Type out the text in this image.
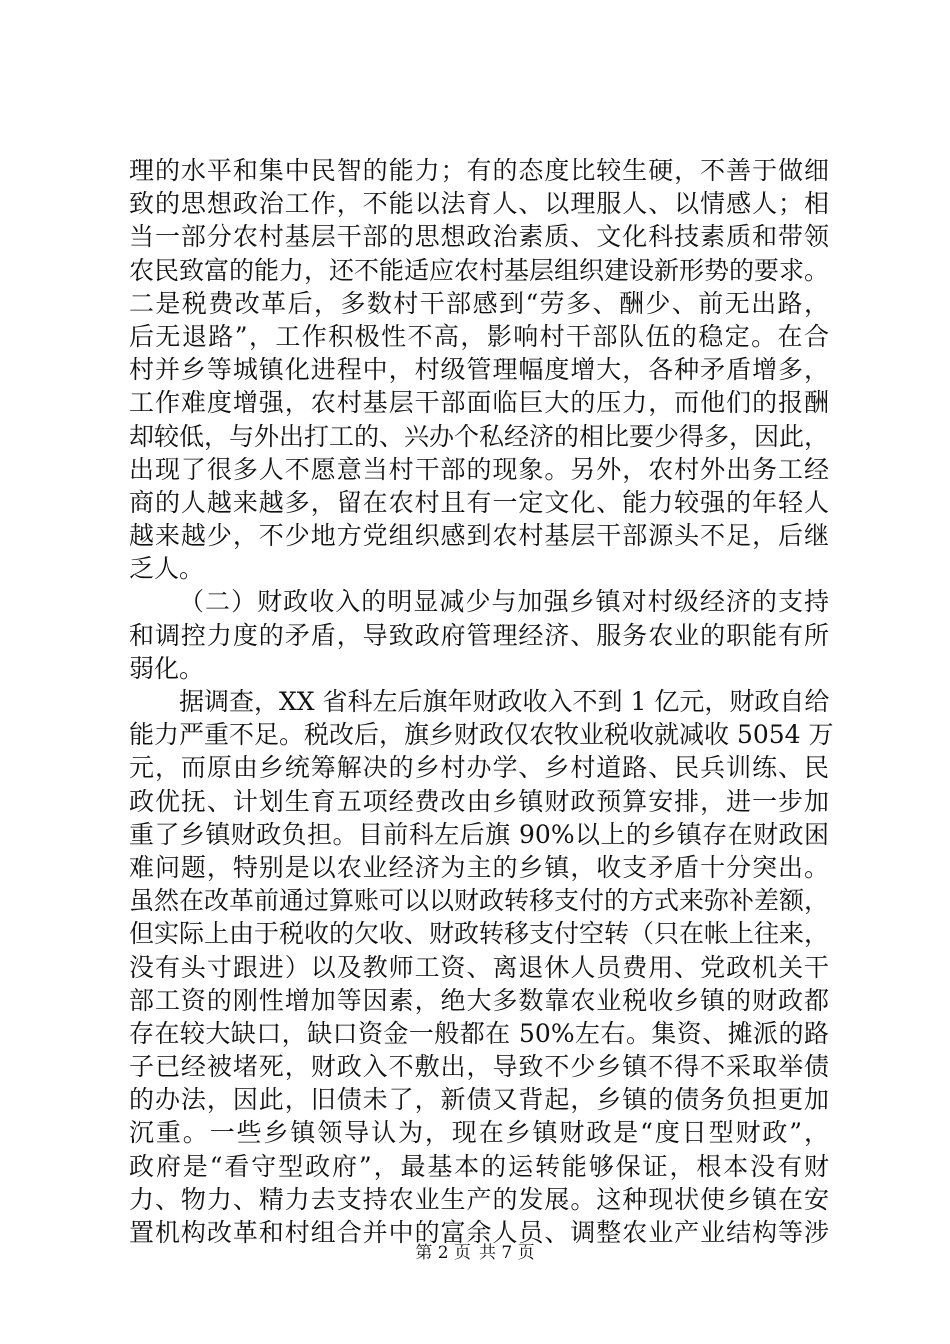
理的水平和集中民智的能力；有的态度比较生硬，不善于做细
致的思想政治工作，不能以法育人、以理服人、以情感人；相
当一部分农村基层干部的思想政治素质、文化科技素质和带领
农民致富的能力，还不能适应农村基层组织建设新形势的要求。
二是税费改革后，多数村干部感到“劳多、酬少、前无出路，
后无退路”，工作积极性不高，影响村干部队伍的稳定。在合
村并乡等城镇化进程中，村级管理幅度增大，各种矛盾增多，
工作难度增强，农村基层干部面临巨大的压力，而他们的报酬
却较低，与外出打工的、兴办个私经济的相比要少得多，因此，
出现了很多人不愿意当村干部的现象。另外，农村外出务工经
商的人越来越多，留在农村且有一定文化、能力较强的年轻人
越来越少，不少地方党组织感到农村基层干部源头不足，后继
乏人。
（二）财政收入的明显减少与加强乡镇对村级经济的支持
和调控力度的矛盾，导致政府管理经济、服务农业的职能有所
弱化。
据调查，XX 省科左后旗年财政收入不到 1 亿元，财政自给
能力严重不足。税改后，旗乡财政仅农牧业税收就减收 5054 万
元，而原由乡统筹解决的乡村办学、乡村道路、民兵训练、民
政优抚、计划生育五项经费改由乡镇财政预算安排，进一步加
重了乡镇财政负担。目前科左后旗 90%以上的乡镇存在财政困
难问题，特别是以农业经济为主的乡镇，收支矛盾十分突出。
虽然在改革前通过算账可以以财政转移支付的方式来弥补差额，
但实际上由于税收的欠收、财政转移支付空转（只在帐上往来，
没有头寸跟进）以及教师工资、离退休人员费用、党政机关干
部工资的刚性增加等因素，绝大多数靠农业税收乡镇的财政都
存在较大缺口，缺口资金一般都在 50%左右。集资、摊派的路
子已经被堵死，财政入不敷出，导致不少乡镇不得不采取举债
的办法，因此，旧债未了，新债又背起，乡镇的债务负担更加
沉重。一些乡镇领导认为，现在乡镇财政是“度日型财政”，
政府是“看守型政府”，最基本的运转能够保证，根本没有财
力、物力、精力去支持农业生产的发展。这种现状使乡镇在安
置机构改革和村组合并中的富余人员、调整农业产业结构等涉
第 2 页 共 7 页
